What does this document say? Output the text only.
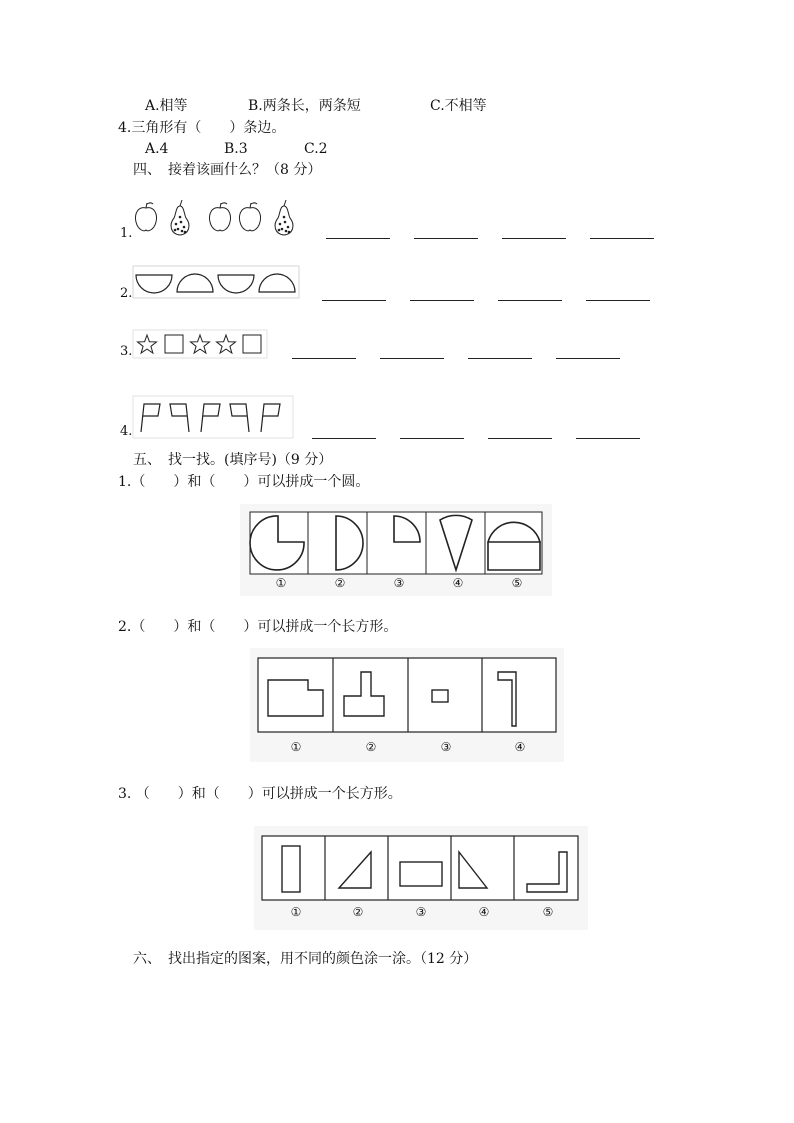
A.相等	B.两条长，两条短	C.不相等
4.三角形有（　　）条边。
A.4	B.3	C.2
四、　接着该画什么？（8 分）
1.
2.
3.
4.
五、　找一找。(填序号)（9 分）
1.（　　）和（　　）可以拼成一个圆。
①	②	③	④	⑤
2.（　　）和（　　）可以拼成一个长方形。
①	②	③	④
3. （　　）和（　　）可以拼成一个长方形。
①	②	③	④	⑤
六、　找出指定的图案，用不同的颜色涂一涂。（12 分）
